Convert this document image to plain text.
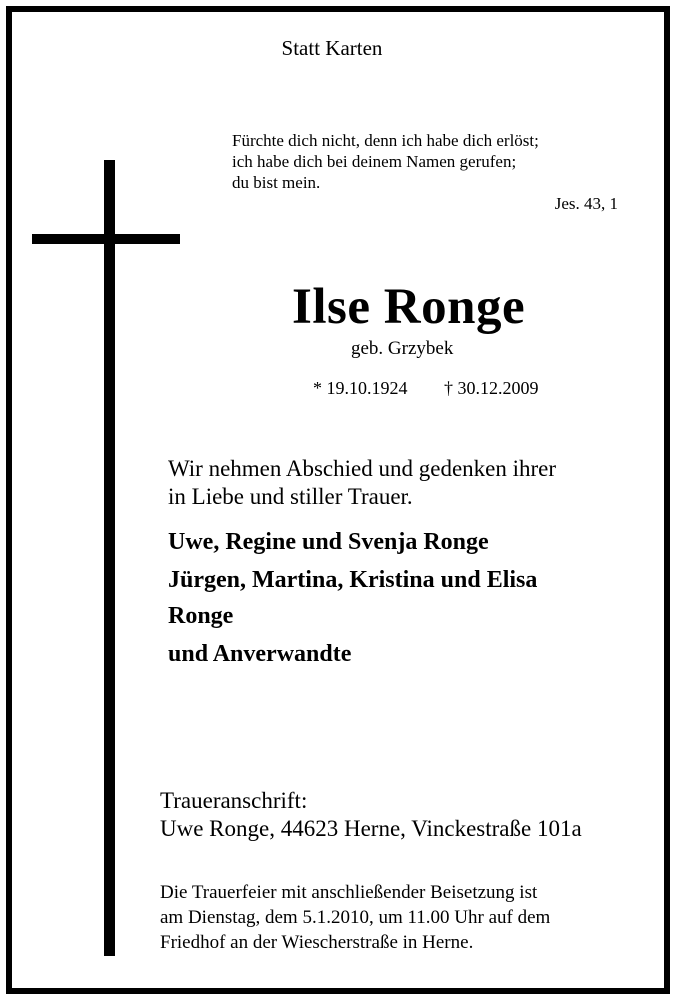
Statt Karten
Fürchte dich nicht, denn ich habe dich erlöst;
ich habe dich bei deinem Namen gerufen;
du bist mein.
Jes. 43, 1
Ilse Ronge
geb. Grzybek
* 19.10.1924 † 30.12.2009
Wir nehmen Abschied und gedenken ihrer
in Liebe und stiller Trauer.
Uwe, Regine und Svenja Ronge
Jürgen, Martina, Kristina und Elisa
Ronge
und Anverwandte
Traueranschrift:
Uwe Ronge, 44623 Herne, Vinckestraße 101a
Die Trauerfeier mit anschließender Beisetzung ist
am Dienstag, dem 5.1.2010, um 11.00 Uhr auf dem
Friedhof an der Wiescherstraße in Herne.
